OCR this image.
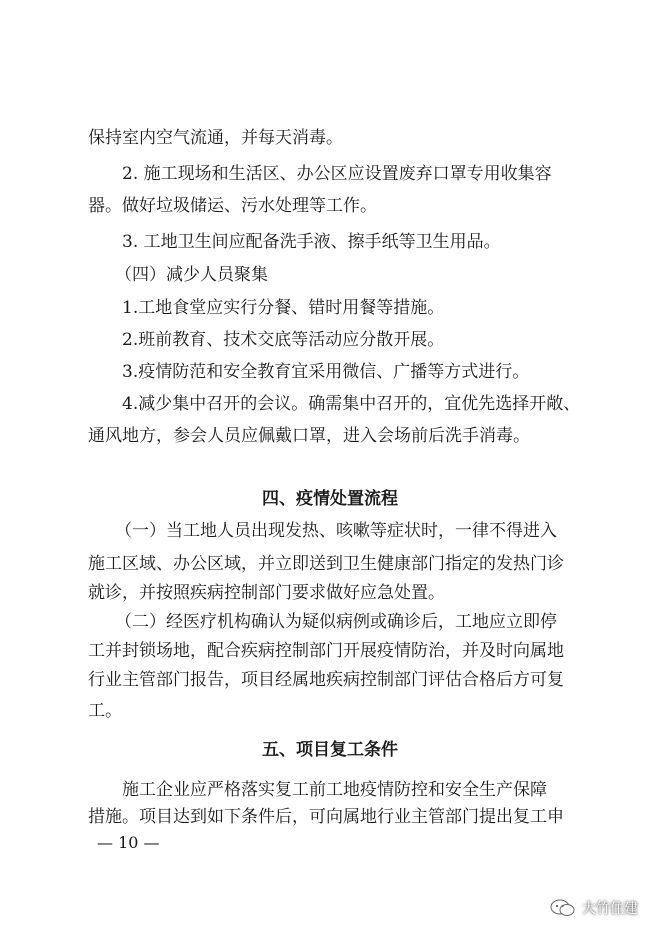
保持室内空气流通，并每天消毒。
2. 施工现场和生活区、办公区应设置废弃口罩专用收集容
器。做好垃圾储运、污水处理等工作。
3. 工地卫生间应配备洗手液、擦手纸等卫生用品。
（四）减少人员聚集
1.工地食堂应实行分餐、错时用餐等措施。
2.班前教育、技术交底等活动应分散开展。
3.疫情防范和安全教育宜采用微信、广播等方式进行。
4.减少集中召开的会议。确需集中召开的，宜优先选择开敞、
通风地方，参会人员应佩戴口罩，进入会场前后洗手消毒。
四、疫情处置流程
（一）当工地人员出现发热、咳嗽等症状时，一律不得进入
施工区域、办公区域，并立即送到卫生健康部门指定的发热门诊
就诊，并按照疾病控制部门要求做好应急处置。
（二）经医疗机构确认为疑似病例或确诊后，工地应立即停
工并封锁场地，配合疾病控制部门开展疫情防治，并及时向属地
行业主管部门报告，项目经属地疾病控制部门评估合格后方可复
工。
五、项目复工条件
施工企业应严格落实复工前工地疫情防控和安全生产保障
— 10 —
大竹住建
措施。项目达到如下条件后，可向属地行业主管部门提出复工申
